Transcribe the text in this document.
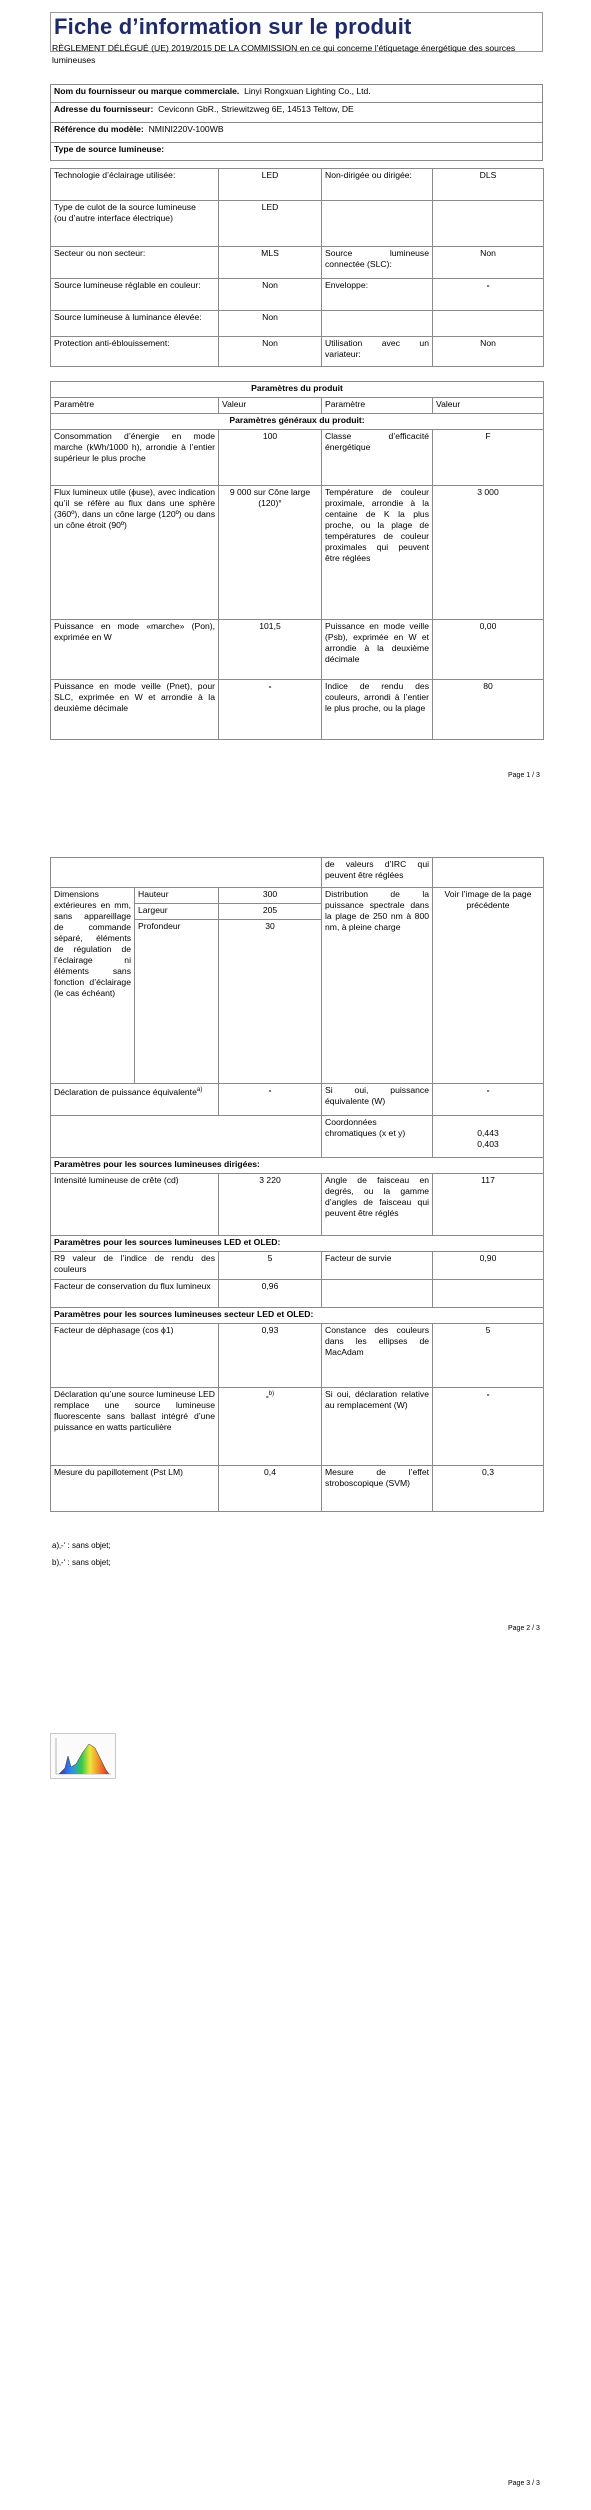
Fiche d’information sur le produit
RÈGLEMENT DÉLÉGUÉ (UE) 2019/2015 DE LA COMMISSION en ce qui concerne l’étiquetage énergétique des sources lumineuses
Nom du fournisseur ou marque commerciale. Linyi Rongxuan Lighting Co., Ltd.
Adresse du fournisseur: Ceviconn GbR., Striewitzweg 6E, 14513 Teltow, DE
Référence du modèle: NMINI220V-100WB
Type de source lumineuse:
Technologie d’éclairage utilisée:	LED	Non-dirigée ou dirigée:	DLS

Type de culot de la source lumineuse
(ou d’autre interface électrique)	LED		
Secteur ou non secteur:	MLS	Source lumineuse connectée (SLC):	Non
Source lumineuse réglable en couleur:	Non	Enveloppe:	-
Source lumineuse à luminance élevée:	Non		
Protection anti-éblouissement:	Non	Utilisation avec un variateur:	Non
Paramètres du produit			
Paramètre	Valeur	Paramètre	Valeur
Paramètres généraux du produit:			
Consommation d’énergie en mode marche (kWh/1000 h), arrondie à l’entier supérieur le plus proche	100	Classe d’efficacité énergétique	F
Flux lumineux utile (ϕuse), avec indication qu’il se réfère au flux dans une sphère (360º), dans un cône large (120º) ou dans un cône étroit (90º)	9 000 sur Cône large (120)°	Température de couleur proximale, arrondie à la centaine de K la plus proche, ou la plage de températures de couleur proximales qui peuvent être réglées	3 000
Puissance en mode «marche» (Pon), exprimée en W	101,5	Puissance en mode veille (Psb), exprimée en W et arrondie à la deuxième décimale	0,00
Puissance en mode veille (Pnet), pour SLC, exprimée en W et arrondie à la deuxième décimale	-	Indice de rendu des couleurs, arrondi à l’entier le plus proche, ou la plage	80
Page 1 / 3
			de valeurs d’IRC qui peuvent être réglées	
Dimensions extérieures en mm, sans appareillage de commande séparé, éléments de régulation de l’éclairage ni éléments sans fonction d’éclairage (le cas échéant)	Hauteur	300	Distribution de la puissance spectrale dans la plage de 250 nm à 800 nm, à pleine charge	Voir l’image de la page précédente
	Largeur	205		
	Profondeur	30		
Déclaration de puissance équivalente$^{a)}$		-	Si oui, puissance équivalente (W)	-
			Coordonnées chromatiques (x et y)	0,443
0,403

Paramètres pour les sources lumineuses dirigées:				
Intensité lumineuse de crête (cd)		3 220	Angle de faisceau en degrés, ou la gamme d’angles de faisceau qui peuvent être réglés	117
Paramètres pour les sources lumineuses LED et OLED:				
R9 valeur de l’indice de rendu des couleurs		5	Facteur de survie	0,90
Facteur de conservation du flux lumineux		0,96		
Paramètres pour les sources lumineuses secteur LED et OLED:				
Facteur de déphasage (cos ϕ1)		0,93	Constance des couleurs dans les ellipses de MacAdam	5
Déclaration qu’une source lumineuse LED remplace une source lumineuse fluorescente sans ballast intégré d’une puissance en watts particulière		-$^{b)}$	Si oui, déclaration relative au remplacement (W)	-
Mesure du papillotement (Pst LM)		0,4	Mesure de l’effet stroboscopique (SVM)	0,3
a)‚-‘ : sans objet;
b)‚-‘ : sans objet;
Page 2 / 3
Page 3 / 3
